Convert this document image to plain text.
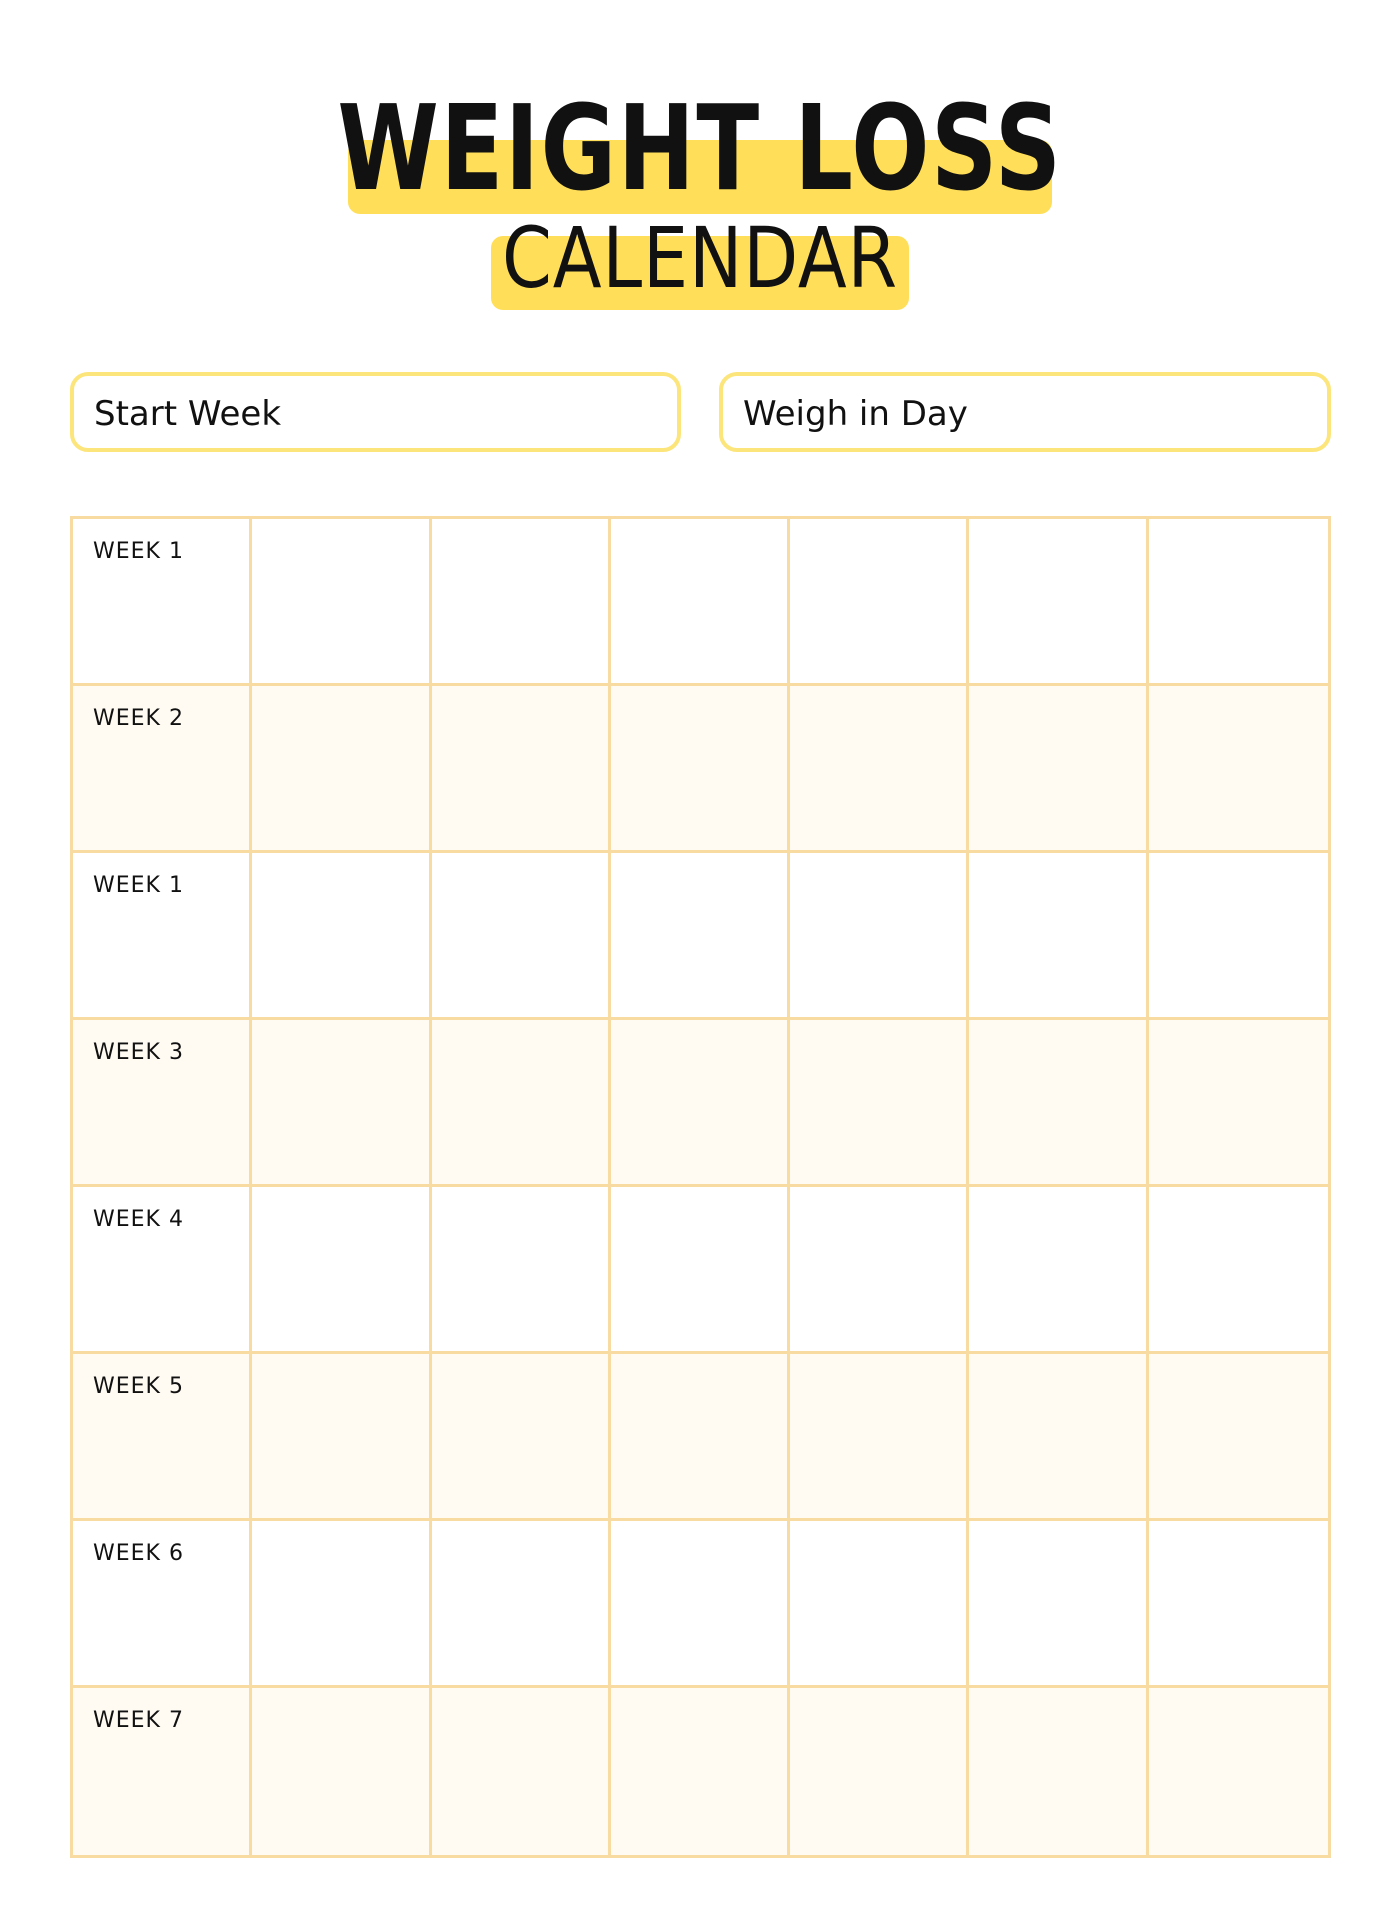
WEIGHT LOSS
CALENDAR
Start Week	Weigh in Day
WEEK 1
WEEK 2
WEEK 1
WEEK 3
WEEK 4
WEEK 5
WEEK 6
WEEK 7
